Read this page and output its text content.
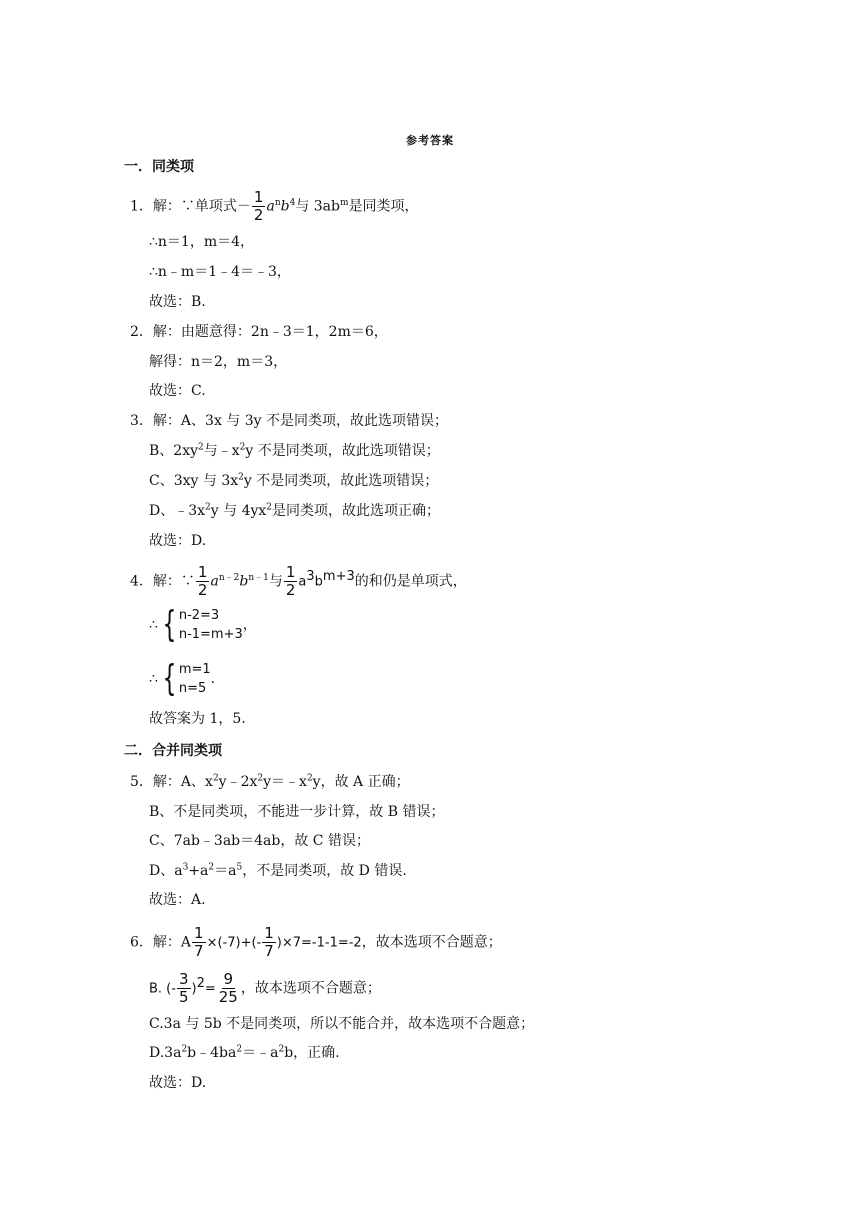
参考答案
一．同类项
1．解：∵单项式－ $\frac{1}{2} a^nb^4$与 $3ab^m$是同类项，
∴n＝1，m＝4，
∴n﹣m＝1﹣4＝﹣3，
故选：B.
2．解：由题意得：2n﹣3＝1，2m＝6，
解得：n＝2，m＝3，
故选：C.
3．解：A、3x 与 3y 不是同类项，故此选项错误；
B、$2xy^2$与$﹣x^2y$ 不是同类项，故此选项错误；
C、3xy 与 $3x^2y$ 不是同类项，故此选项错误；
D、$﹣3x^2y$ 与 $4yx^2$是同类项，故此选项正确；
故选：D.
4．解：∵ $\frac{1}{2} a^{n﹣2}b^{n﹣1}$与 $\frac{1}{2} a^3b^{m+3}$的和仍是单项式，
∴ { n-2=3
n-1=m+3
，
∴ { m=1
n=5
.
故答案为 1，5.
二．合并同类项
5．解：A、$x^2y﹣2x^2y=﹣x^2y$，故 A 正确；
B、不是同类项，不能进一步计算，故 B 错误；
C、7ab﹣3ab＝4ab，故 C 错误；
D、$a^3+a^2=a^5$，不是同类项，故 D 错误.
故选：A.
6．解：A $\frac{1}{7} \times(-7)+(- \frac{1}{7} )\times 7=-1-1=-2$，故本选项不合题意；
B. (- $\frac{3}{5} )^2= \frac{9}{25}$ ，故本选项不合题意；
C.3a 与 5b 不是同类项，所以不能合并，故本选项不合题意；
$D.3a^2b﹣4ba^2=﹣a^2b$，正确.
故选：D.
